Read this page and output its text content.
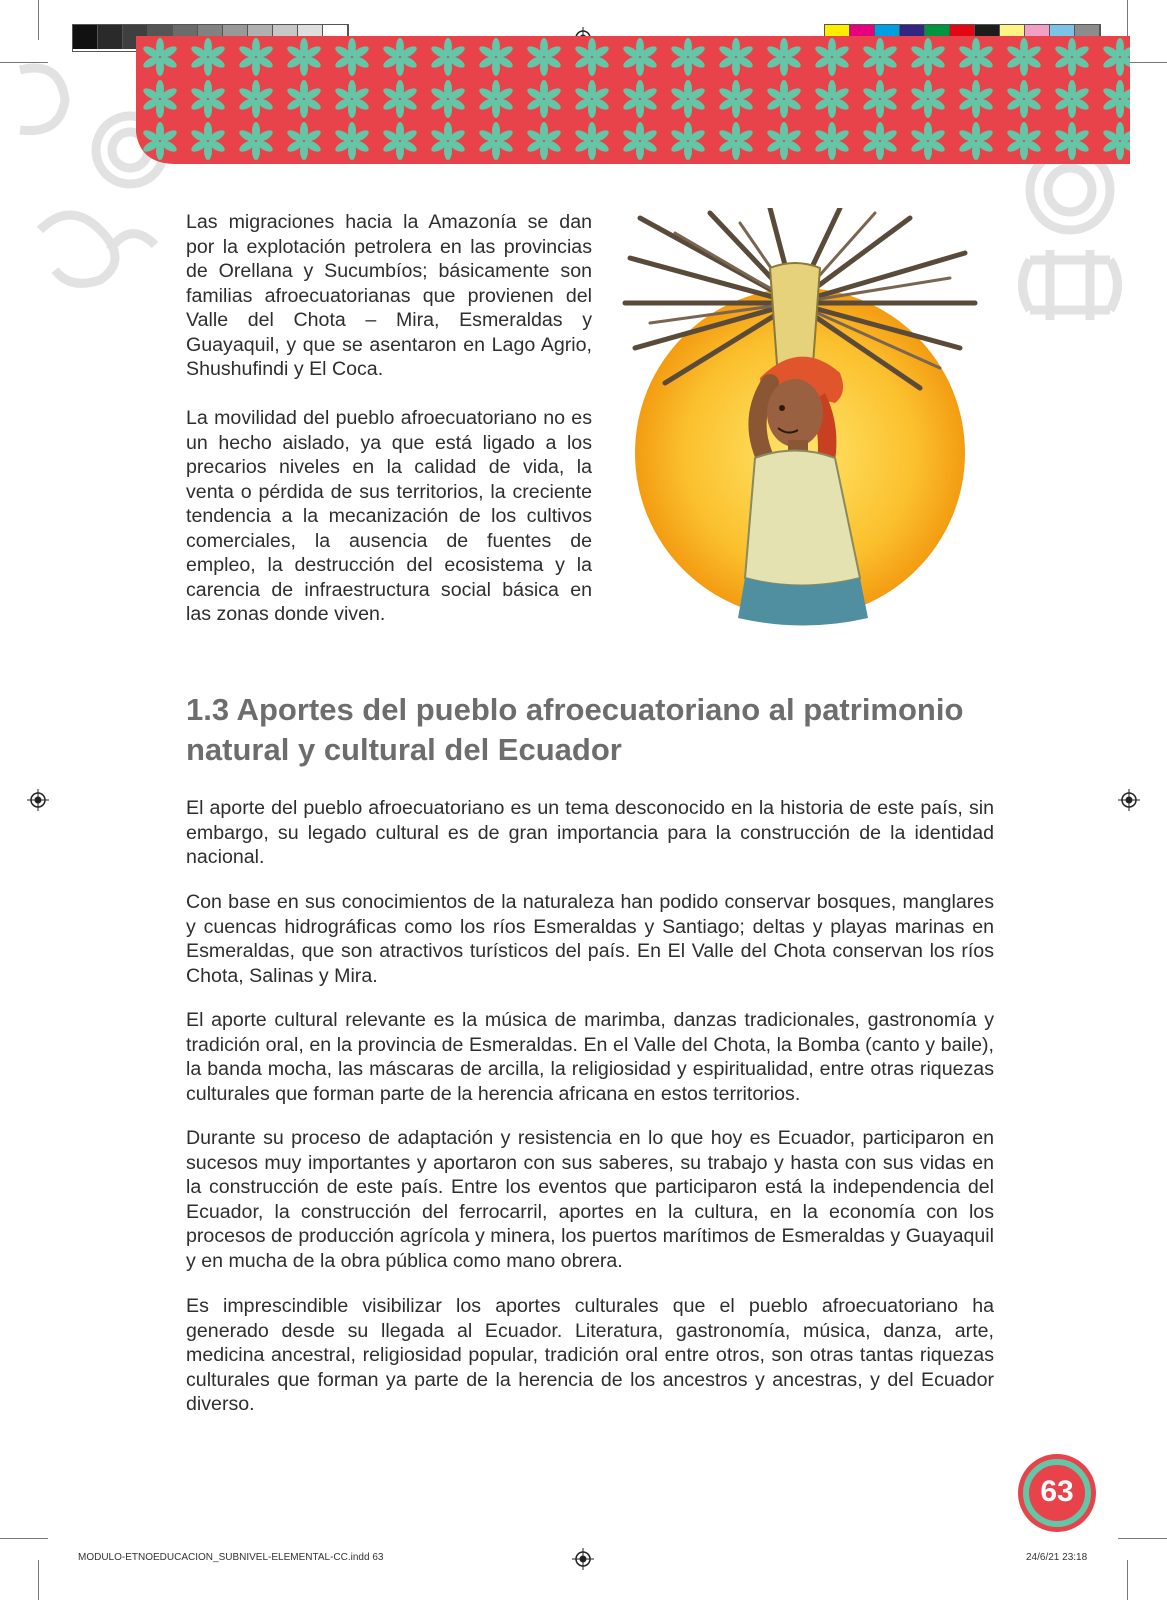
Las migraciones hacia la Amazonía se dan por la explotación petrolera en las provincias de Orellana y Sucumbíos; básicamente son familias afroecuatorianas que provienen del Valle del Chota – Mira, Esmeraldas y Guayaquil, y que se asentaron en Lago Agrio, Shushufindi y El Coca.

La movilidad del pueblo afroecuatoriano no es un hecho aislado, ya que está ligado a los precarios niveles en la calidad de vida, la venta o pérdida de sus territorios, la creciente tendencia a la mecanización de los cultivos comerciales, la ausencia de fuentes de empleo, la destrucción del ecosistema y la carencia de infraestructura social básica en las zonas donde viven.

1.3 Aportes del pueblo afroecuatoriano al patrimonio natural y cultural del Ecuador

El aporte del pueblo afroecuatoriano es un tema desconocido en la historia de este país, sin embargo, su legado cultural es de gran importancia para la construcción de la identidad nacional.

Con base en sus conocimientos de la naturaleza han podido conservar bosques, manglares y cuencas hidrográficas como los ríos Esmeraldas y Santiago; deltas y playas marinas en Esmeraldas, que son atractivos turísticos del país. En El Valle del Chota conservan los ríos Chota, Salinas y Mira.

El aporte cultural relevante es la música de marimba, danzas tradicionales, gastronomía y tradición oral, en la provincia de Esmeraldas. En el Valle del Chota, la Bomba (canto y baile), la banda mocha, las máscaras de arcilla, la religiosidad y espiritualidad, entre otras riquezas culturales que forman parte de la herencia africana en estos territorios.

Durante su proceso de adaptación y resistencia en lo que hoy es Ecuador, participaron en sucesos muy importantes y aportaron con sus saberes, su trabajo y hasta con sus vidas en la construcción de este país. Entre los eventos que participaron está la independencia del Ecuador, la construcción del ferrocarril, aportes en la cultura, en la economía con los procesos de producción agrícola y minera, los puertos marítimos de Esmeraldas y Guayaquil y en mucha de la obra pública como mano obrera.

Es imprescindible visibilizar los aportes culturales que el pueblo afroecuatoriano ha generado desde su llegada al Ecuador. Literatura, gastronomía, música, danza, arte, medicina ancestral, religiosidad popular, tradición oral entre otros, son otras tantas riquezas culturales que forman ya parte de la herencia de los ancestros y ancestras, y del Ecuador diverso.

63
MODULO-ETNOEDUCACION_SUBNIVEL-ELEMENTAL-CC.indd 63	24/6/21 23:18
